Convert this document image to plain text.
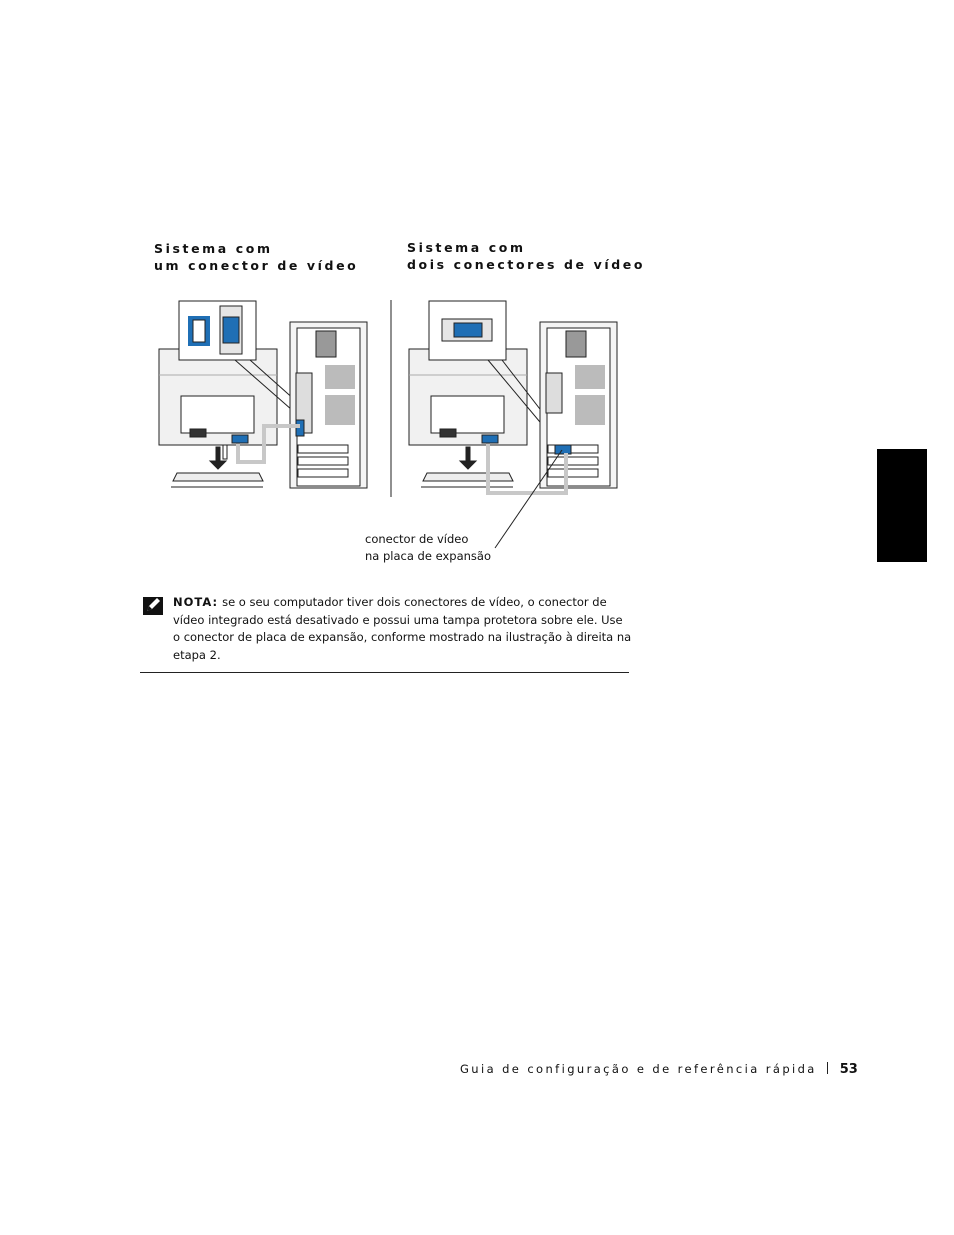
Sistema com
um conector de vídeo
Sistema com
dois conectores de vídeo
conector de vídeo
na placa de expansão
NOTA: se o seu computador tiver dois conectores de vídeo, o conector de vídeo integrado está desativado e possui uma tampa protetora sobre ele. Use o conector de placa de expansão, conforme mostrado na ilustração à direita na etapa 2.
Guia de configuração e de referência rápida 53
